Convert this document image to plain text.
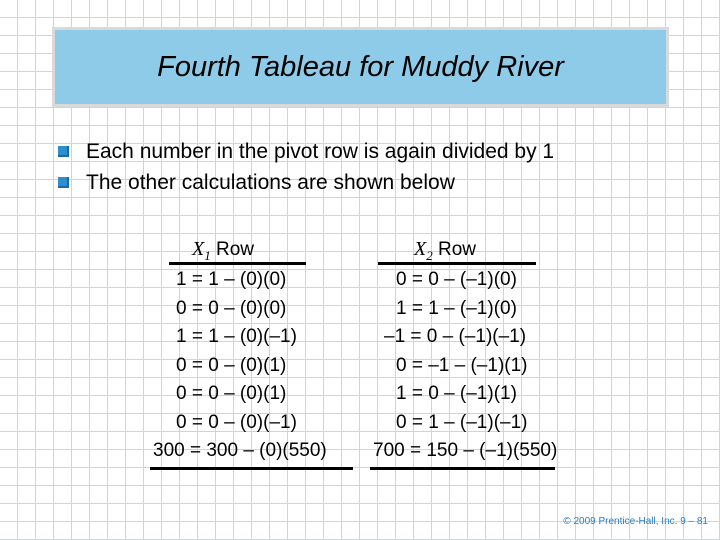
Fourth Tableau for Muddy River
Each number in the pivot row is again divided by 1
The other calculations are shown below
$X_1$ Row
1 = 1 – (0)(0)
0 = 0 – (0)(0)
1 = 1 – (0)(–1)
0 = 0 – (0)(1)
0 = 0 – (0)(1)
0 = 0 – (0)(–1)
300 = 300 – (0)(550)
$X_2$ Row
0 = 0 – (–1)(0)
1 = 1 – (–1)(0)
–1 = 0 – (–1)(–1)
0 = –1 – (–1)(1)
1 = 0 – (–1)(1)
0 = 1 – (–1)(–1)
700 = 150 – (–1)(550)
© 2009 Prentice-Hall, Inc. 9 – 81
